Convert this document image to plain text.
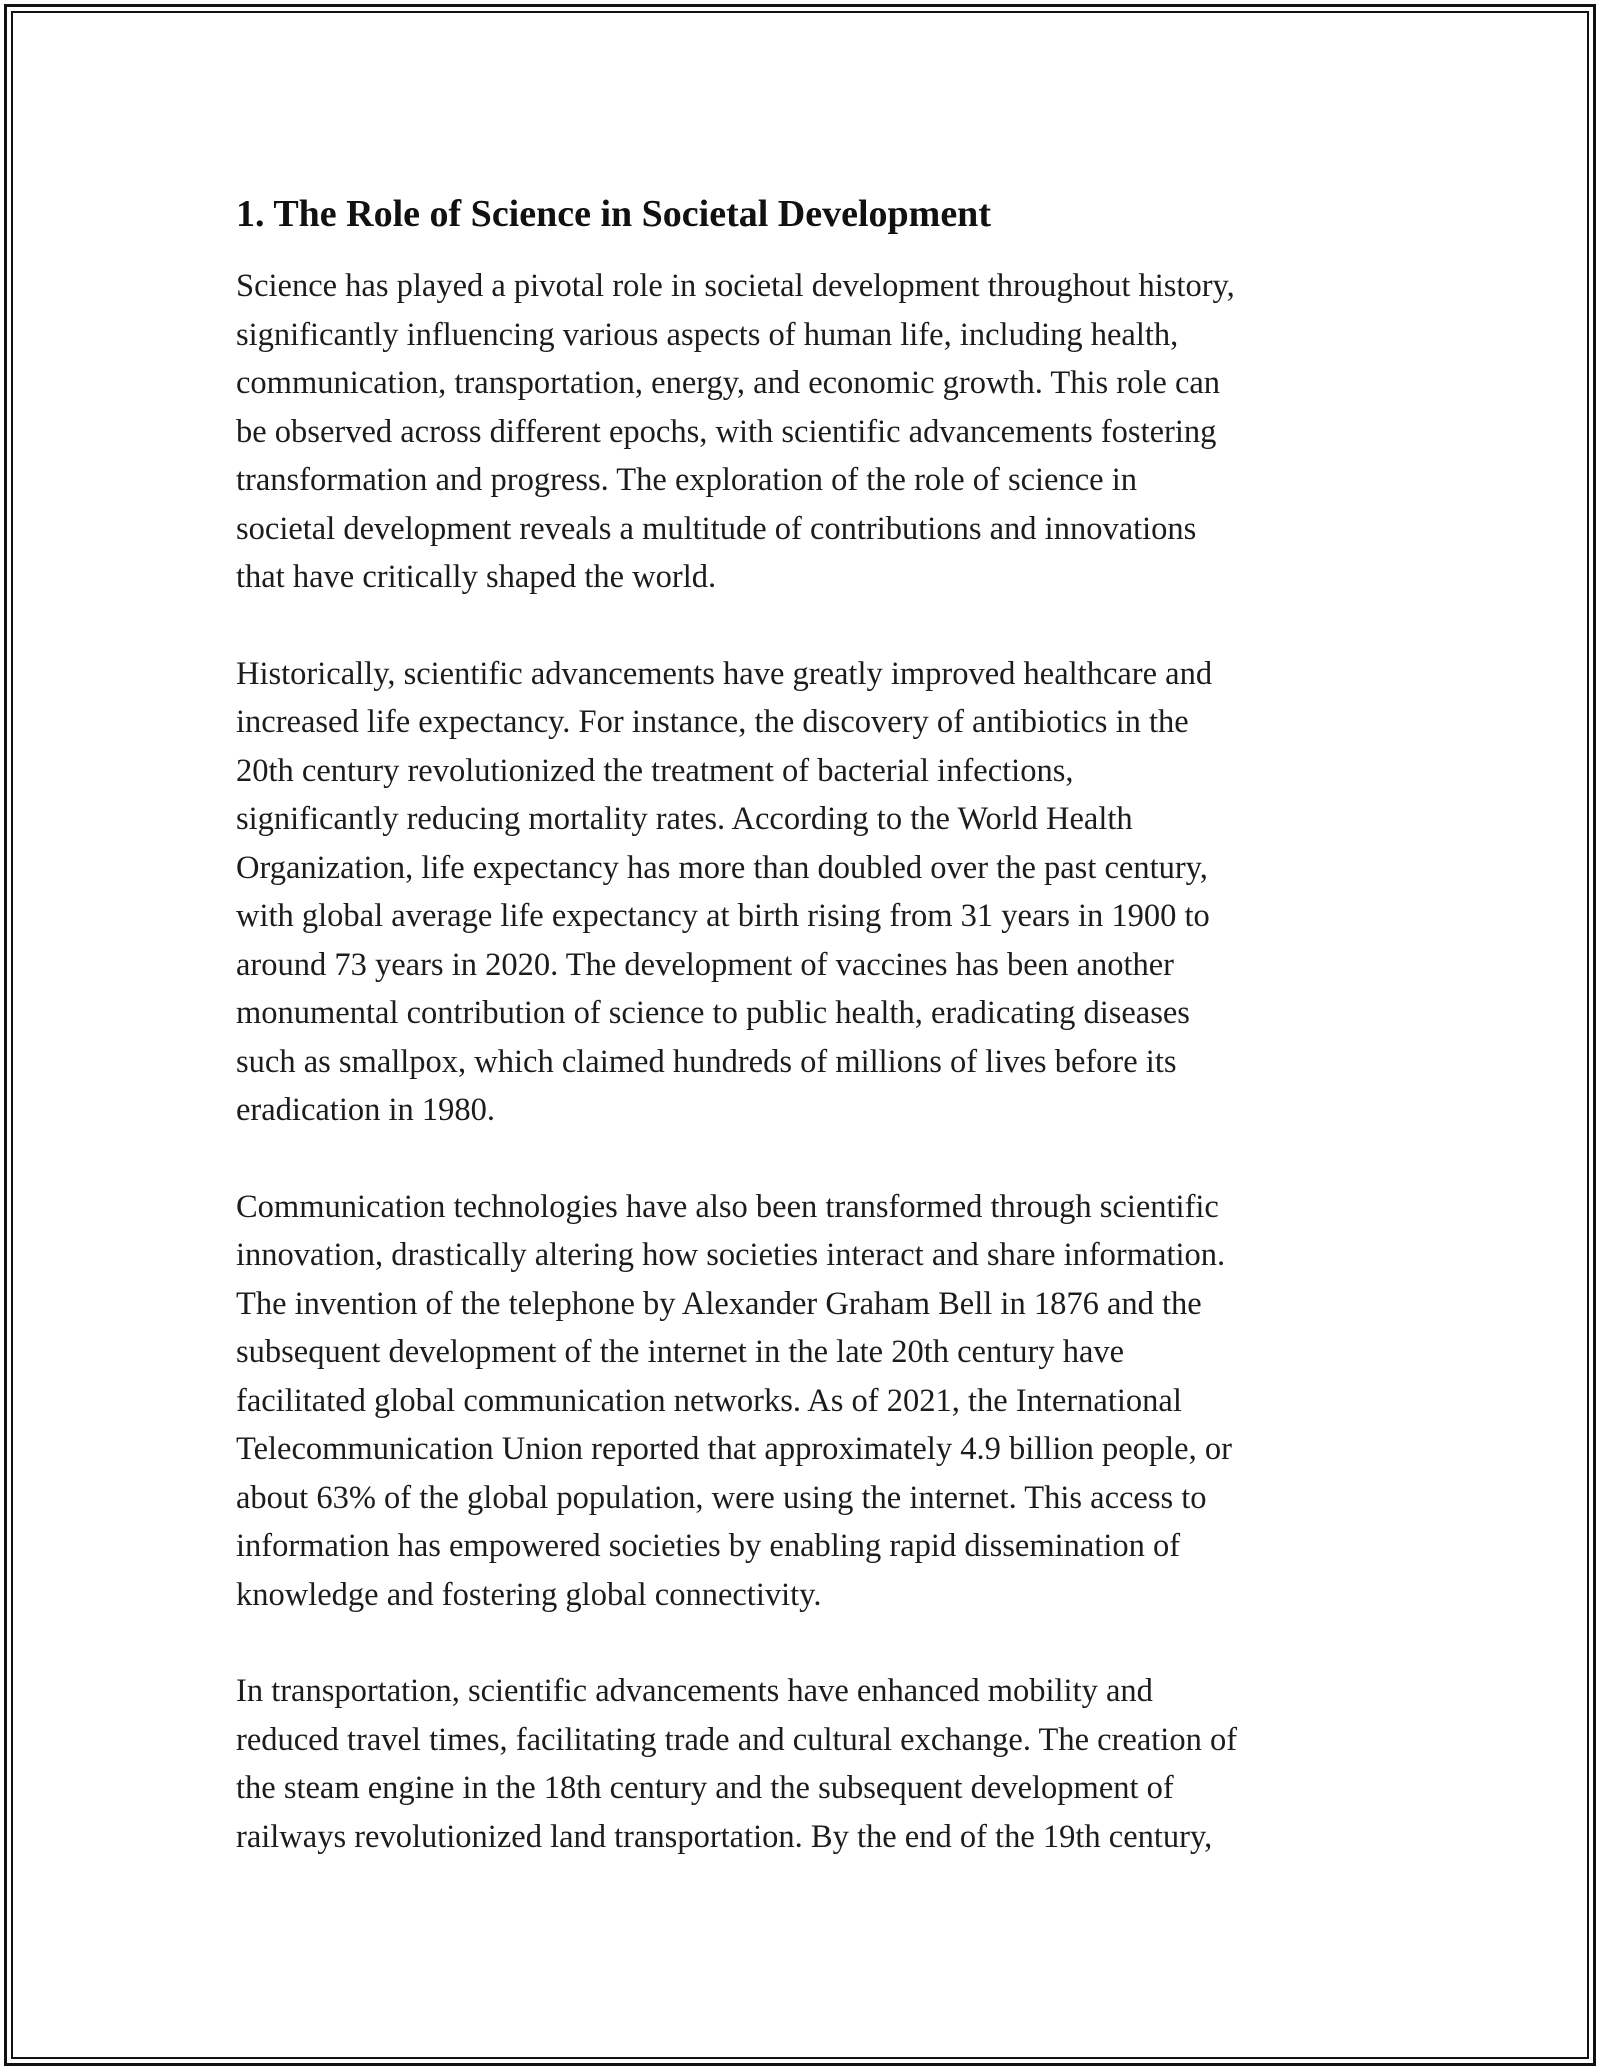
1. The Role of Science in Societal Development

Science has played a pivotal role in societal development throughout history,
significantly influencing various aspects of human life, including health,
communication, transportation, energy, and economic growth. This role can
be observed across different epochs, with scientific advancements fostering
transformation and progress. The exploration of the role of science in
societal development reveals a multitude of contributions and innovations
that have critically shaped the world.

Historically, scientific advancements have greatly improved healthcare and
increased life expectancy. For instance, the discovery of antibiotics in the
20th century revolutionized the treatment of bacterial infections,
significantly reducing mortality rates. According to the World Health
Organization, life expectancy has more than doubled over the past century,
with global average life expectancy at birth rising from 31 years in 1900 to
around 73 years in 2020. The development of vaccines has been another
monumental contribution of science to public health, eradicating diseases
such as smallpox, which claimed hundreds of millions of lives before its
eradication in 1980.

Communication technologies have also been transformed through scientific
innovation, drastically altering how societies interact and share information.
The invention of the telephone by Alexander Graham Bell in 1876 and the
subsequent development of the internet in the late 20th century have
facilitated global communication networks. As of 2021, the International
Telecommunication Union reported that approximately 4.9 billion people, or
about 63% of the global population, were using the internet. This access to
information has empowered societies by enabling rapid dissemination of
knowledge and fostering global connectivity.

In transportation, scientific advancements have enhanced mobility and
reduced travel times, facilitating trade and cultural exchange. The creation of
the steam engine in the 18th century and the subsequent development of
railways revolutionized land transportation. By the end of the 19th century,
